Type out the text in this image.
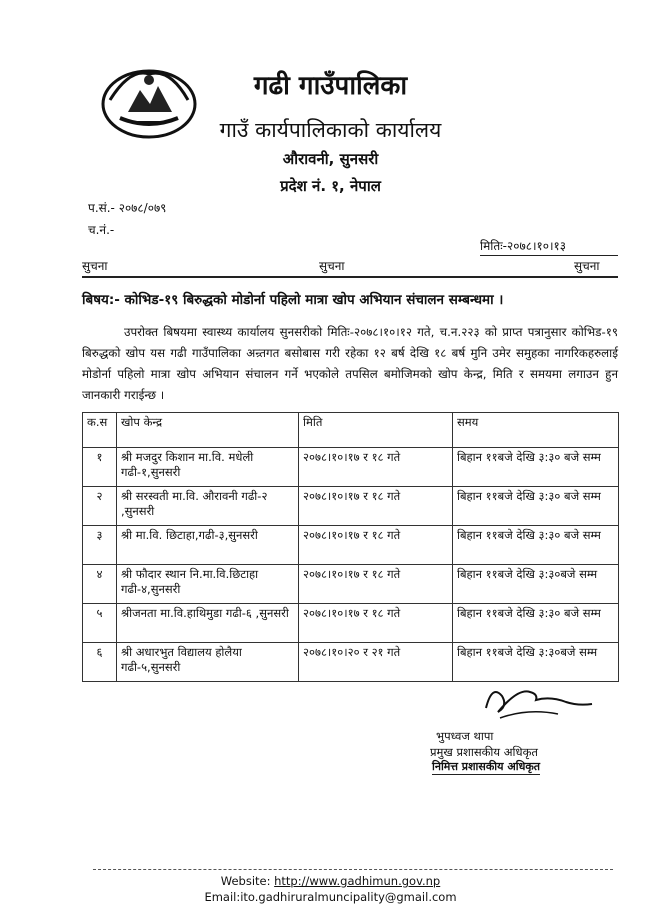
गढी गाउँपालिका
गाउँ कार्यपालिकाको कार्यालय
औरावनी, सुनसरी
प्रदेश नं. १, नेपाल
प.सं.- २०७८/०७९
च.नं.-
मितिः-२०७८।१०।१३
सुचना	सुचना	सुचना
बिषय:- कोभिड-१९ बिरुद्धको मोडोर्ना पहिलो मात्रा खोप अभियान संचालन सम्बन्धमा ।
उपरोक्त बिषयमा स्वास्थ्य कार्यालय सुनसरीको मितिः-२०७८।१०।१२ गते, च.न.२२३ को प्राप्त पत्रानुसार कोभिड-१९ बिरुद्धको खोप यस गढी गाउँपालिका अन्र्तगत बसोबास गरी रहेका १२ बर्ष देखि १८ बर्ष मुनि उमेर समुहका नागरिकहरुलाई मोडोर्ना पहिलो मात्रा खोप अभियान संचालन गर्ने भएकोले तपसिल बमोजिमको खोप केन्द्र, मिति र समयमा लगाउन हुन जानकारी गराईन्छ ।
क.स	खोप केन्द्र	मिति	समय
१	श्री मजदुर किशान मा.वि. मधेली गढी-१,सुनसरी	२०७८।१०।१७ र १८ गते	बिहान ११बजे देखि ३:३० बजे सम्म
२	श्री सरस्वती मा.वि. औरावनी गढी-२ ,सुनसरी	२०७८।१०।१७ र १८ गते	बिहान ११बजे देखि ३:३० बजे सम्म
३	श्री मा.वि. छिटाहा,गढी-३,सुनसरी	२०७८।१०।१७ र १८ गते	बिहान ११बजे देखि ३:३० बजे सम्म
४	श्री फौदार स्थान नि.मा.वि.छिटाहा गढी-४,सुनसरी	२०७८।१०।१७ र १८ गते	बिहान ११बजे देखि ३:३०बजे सम्म
५	श्रीजनता मा.वि.हाथिमुडा गढी-६ ,सुनसरी	२०७८।१०।१७ र १८ गते	बिहान ११बजे देखि ३:३० बजे सम्म
६	श्री अधारभुत विद्यालय होलैया गढी-५,सुनसरी	२०७८।१०।२० र २१ गते	बिहान ११बजे देखि ३:३०बजे सम्म
भुपध्वज थापा
प्रमुख प्रशासकीय अधिकृत
निमित्त प्रशासकीय अधिकृत
Website: http://www.gadhimun.gov.np
Email:ito.gadhiruralmuncipality@gmail.com
